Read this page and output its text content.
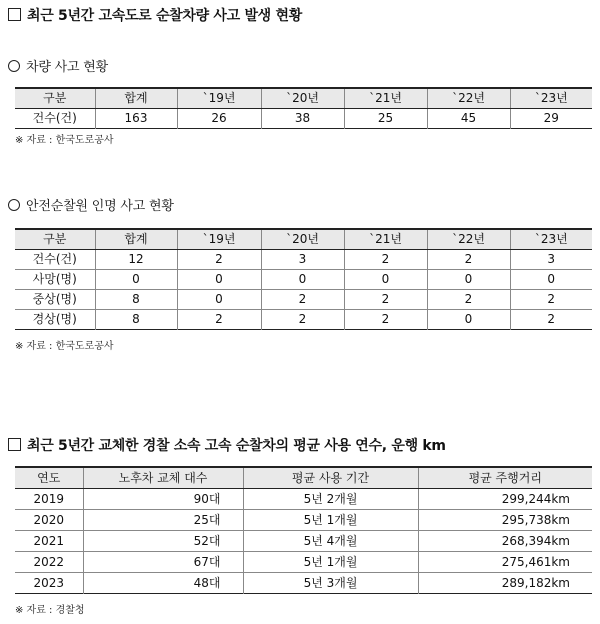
최근 5년간 고속도로 순찰차량 사고 발생 현황
차량 사고 현황
구분	합계	`19년	`20년	`21년	`22년	`23년
건수(건)	163	26	38	25	45	29
※ 자료 : 한국도로공사
안전순찰원 인명 사고 현황
구분	합계	`19년	`20년	`21년	`22년	`23년
건수(건)	12	2	3	2	2	3
사망(명)	0	0	0	0	0	0
중상(명)	8	0	2	2	2	2
경상(명)	8	2	2	2	0	2
※ 자료 : 한국도로공사
최근 5년간 교체한 경찰 소속 고속 순찰차의 평균 사용 연수, 운행 km
연도	노후차 교체 대수	평균 사용 기간	평균 주행거리
2019	90대	5년 2개월	299,244km
2020	25대	5년 1개월	295,738km
2021	52대	5년 4개월	268,394km
2022	67대	5년 1개월	275,461km
2023	48대	5년 3개월	289,182km
※ 자료 : 경찰청
